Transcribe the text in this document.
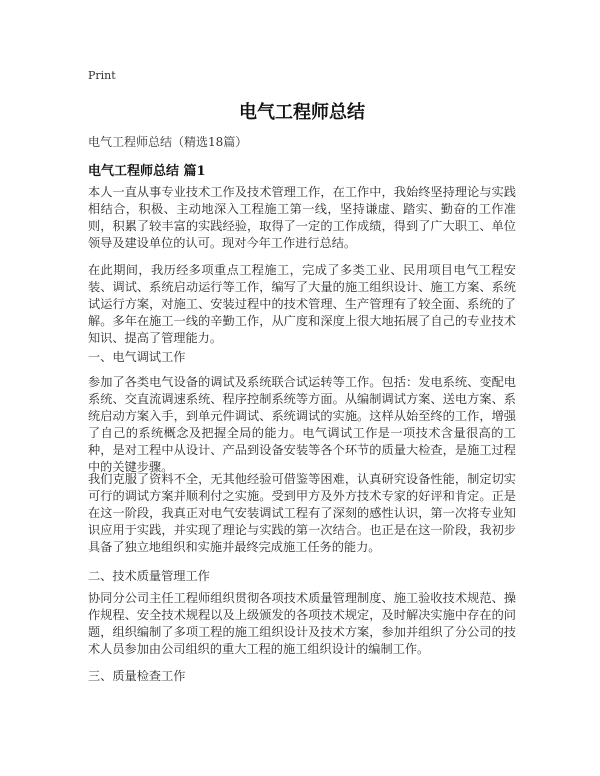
Print
电气工程师总结
电气工程师总结（精选18篇）
电气工程师总结 篇1

本人一直从事专业技术工作及技术管理工作，在工作中，我始终坚持理论与实践相结合，积极、主动地深入工程施工第一线，坚持谦虚、踏实、勤奋的工作准则，积累了较丰富的实践经验，取得了一定的工作成绩，得到了广大职工、单位领导及建设单位的认可。现对今年工作进行总结。

在此期间，我历经多项重点工程施工，完成了多类工业、民用项目电气工程安装、调试、系统启动运行等工作，编写了大量的施工组织设计、施工方案、系统试运行方案，对施工、安装过程中的技术管理、生产管理有了较全面、系统的了解。多年在施工一线的辛勤工作，从广度和深度上很大地拓展了自己的专业技术知识、提高了管理能力。

一、电气调试工作

参加了各类电气设备的调试及系统联合试运转等工作。包括：发电系统、变配电系统、交直流调速系统、程序控制系统等方面。从编制调试方案、送电方案、系统启动方案入手，到单元件调试、系统调试的实施。这样从始至终的工作，增强了自己的系统概念及把握全局的能力。电气调试工作是一项技术含量很高的工种，是对工程中从设计、产品到设备安装等各个环节的质量大检查，是施工过程中的关键步骤。

我们克服了资料不全，无其他经验可借鉴等困难，认真研究设备性能，制定切实可行的调试方案并顺利付之实施。受到甲方及外方技术专家的好评和肯定。正是在这一阶段，我真正对电气安装调试工程有了深刻的感性认识，第一次将专业知识应用于实践，并实现了理论与实践的第一次结合。也正是在这一阶段，我初步具备了独立地组织和实施并最终完成施工任务的能力。

二、技术质量管理工作

协同分公司主任工程师组织贯彻各项技术质量管理制度、施工验收技术规范、操作规程、安全技术规程以及上级颁发的各项技术规定，及时解决实施中存在的问题，组织编制了多项工程的施工组织设计及技术方案，参加并组织了分公司的技术人员参加由公司组织的重大工程的施工组织设计的编制工作。

三、质量检查工作
